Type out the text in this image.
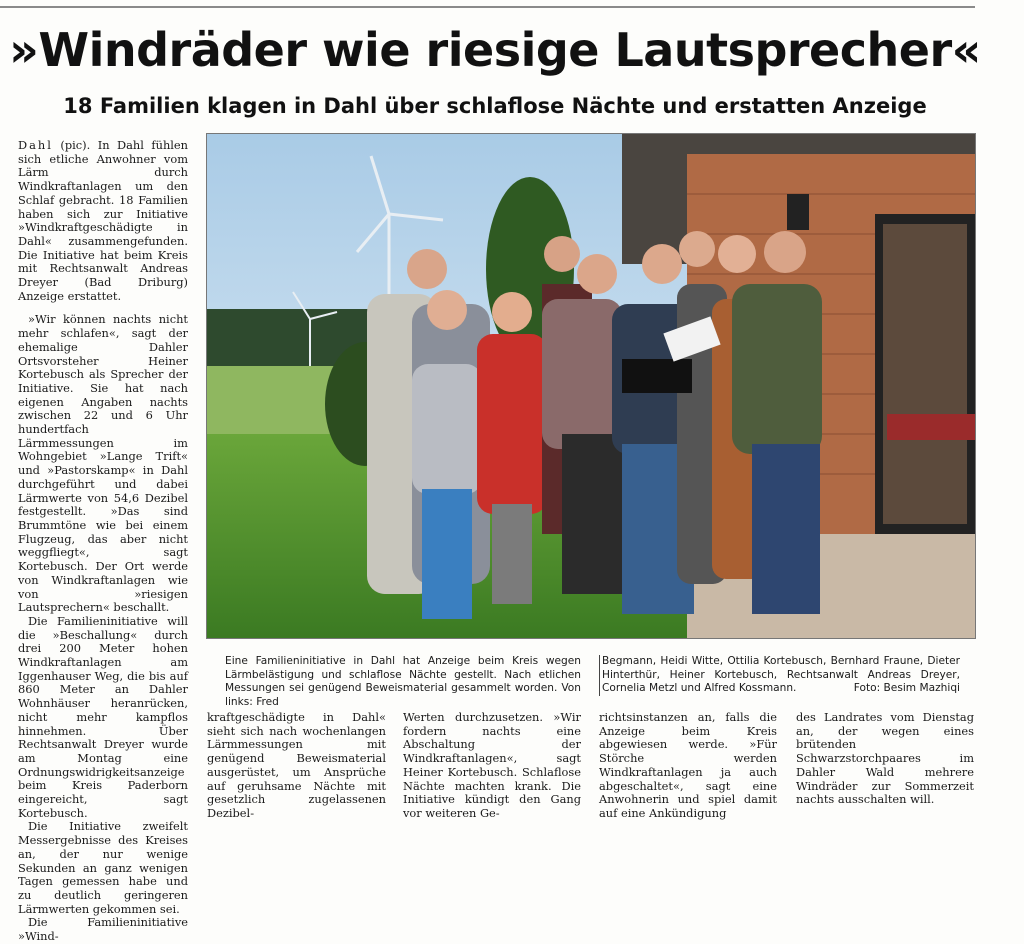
»Windräder wie riesige Lautsprecher«
18 Familien klagen in Dahl über schlaflose Nächte und erstatten Anzeige

Dahl (pic). In Dahl fühlen sich etliche Anwohner vom Lärm durch Windkraftanlagen um den Schlaf gebracht. 18 Familien haben sich zur Initiative »Windkraftgeschädigte in Dahl« zusammengefunden. Die Initiative hat beim Kreis mit Rechtsanwalt Andreas Dreyer (Bad Driburg) Anzeige erstattet.

»Wir können nachts nicht mehr schlafen«, sagt der ehemalige Dahler Ortsvorsteher Heiner Kortebusch als Sprecher der Initiative. Sie hat nach eigenen Angaben nachts zwischen 22 und 6 Uhr hundertfach Lärmmessungen im Wohngebiet »Lange Trift« und »Pastorskamp« in Dahl durchgeführt und dabei Lärmwerte von 54,6 Dezibel festgestellt. »Das sind Brummtöne wie bei einem Flugzeug, das aber nicht weggfliegt«, sagt Kortebusch. Der Ort werde von Windkraftanlagen wie von »riesigen Lautsprechern« beschallt.

Die Familieninitiative will die »Beschallung« durch drei 200 Meter hohen Windkraftanlagen am Iggenhauser Weg, die bis auf 860 Meter an Dahler Wohnhäuser heranrücken, nicht mehr kampflos hinnehmen. Über Rechtsanwalt Dreyer wurde am Montag eine Ordnungswidrigkeitsanzeige beim Kreis Paderborn eingereicht, sagt Kortebusch.

Die Initiative zweifelt Messergebnisse des Kreises an, der nur wenige Sekunden an ganz wenigen Tagen gemessen habe und zu deutlich geringeren Lärmwerten gekommen sei.

Die Familieninitiative »Wind-

Eine Familieninitiative in Dahl hat Anzeige beim Kreis wegen Lärmbelästigung und schlaflose Nächte gestellt. Nach etlichen Messungen sei genügend Beweismaterial gesammelt worden. Von links: Fred
Begmann, Heidi Witte, Ottilia Kortebusch, Bernhard Fraune, Dieter Hinterthür, Heiner Kortebusch, Rechtsanwalt Andreas Dreyer, Cornelia Metzl und Alfred Kossmann.	Foto: Besim Mazhiqi

kraftgeschädigte in Dahl« sieht sich nach wochenlangen Lärmmessungen mit genügend Beweismaterial ausgerüstet, um Ansprüche auf geruhsame Nächte mit gesetzlich zugelassenen Dezibel-

Werten durchzusetzen. »Wir fordern nachts eine Abschaltung der Windkraftanlagen«, sagt Heiner Kortebusch. Schlaflose Nächte machten krank. Die Initiative kündigt den Gang vor weiteren Ge-

richtsinstanzen an, falls die Anzeige beim Kreis abgewiesen werde. »Für Störche werden Windkraftanlagen ja auch abgeschaltet«, sagt eine Anwohnerin und spiel damit auf eine Ankündigung

des Landrates vom Dienstag an, der wegen eines brütenden Schwarzstorchpaares im Dahler Wald mehrere Windräder zur Sommerzeit nachts ausschalten will.
